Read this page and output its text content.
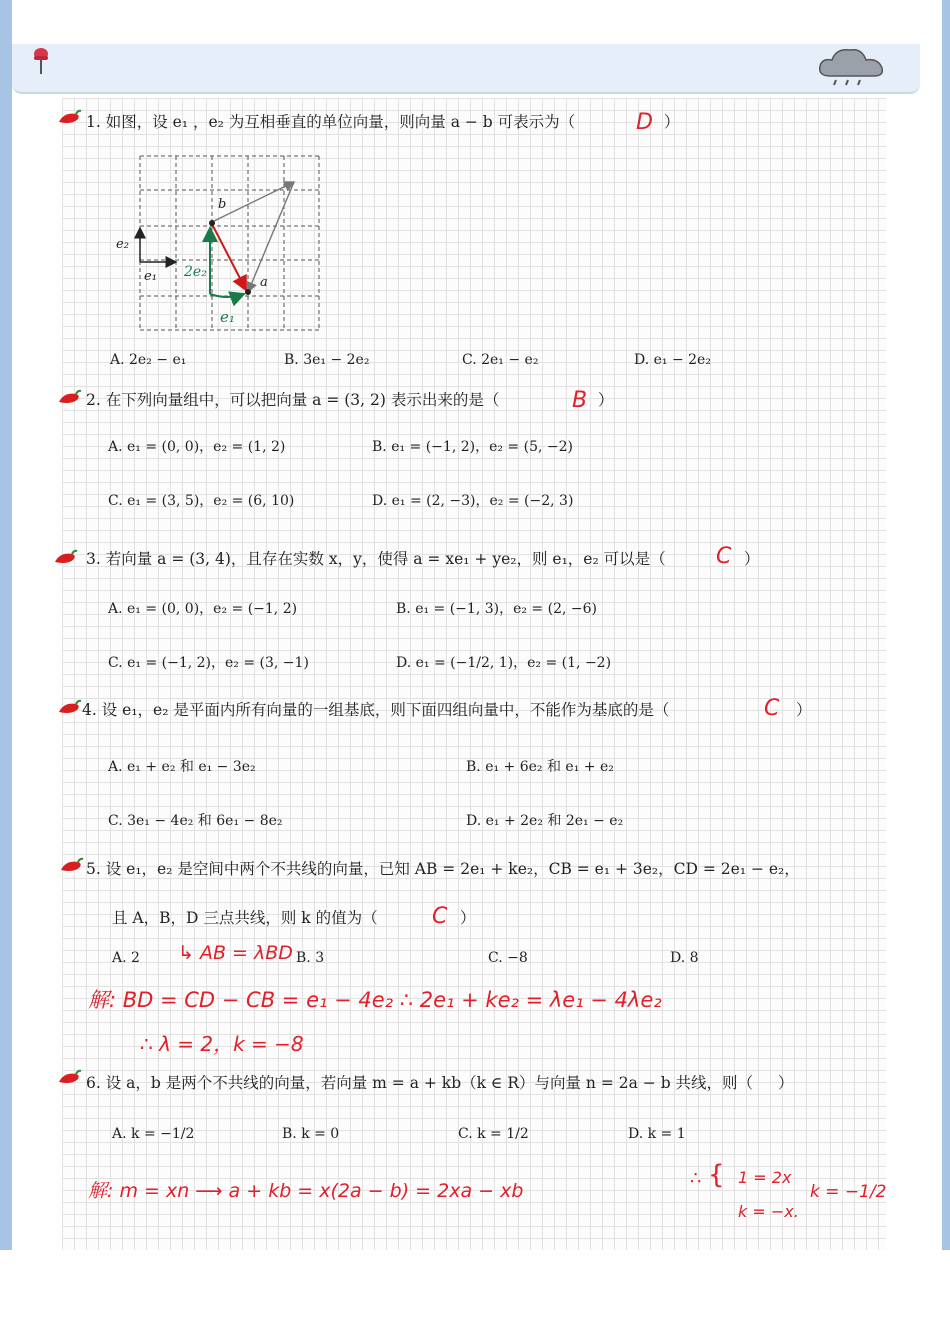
1. 如图，设 e₁ ，e₂ 为互相垂直的单位向量，则向量 a − b 可表示为（	D ）
e₂
e₁
b
a
2e₂
e₁
A. 2e₂ − e₁	B. 3e₁ − 2e₂	C. 2e₁ − e₂	D. e₁ − 2e₂
2. 在下列向量组中，可以把向量 a = (3, 2) 表示出来的是（	B ）
A. e₁ = (0, 0)，e₂ = (1, 2)	B. e₁ = (−1, 2)，e₂ = (5, −2)
C. e₁ = (3, 5)，e₂ = (6, 10)	D. e₁ = (2, −3)，e₂ = (−2, 3)
3. 若向量 a = (3, 4)，且存在实数 x，y，使得 a = xe₁ + ye₂，则 e₁，e₂ 可以是（ C ）
A. e₁ = (0, 0)，e₂ = (−1, 2)	B. e₁ = (−1, 3)，e₂ = (2, −6)
C. e₁ = (−1, 2)，e₂ = (3, −1)	D. e₁ = (−1/2, 1)，e₂ = (1, −2)
4. 设 e₁，e₂ 是平面内所有向量的一组基底，则下面四组向量中，不能作为基底的是（	C ）
A. e₁ + e₂ 和 e₁ − 3e₂	B. e₁ + 6e₂ 和 e₁ + e₂
C. 3e₁ − 4e₂ 和 6e₁ − 8e₂	D. e₁ + 2e₂ 和 2e₁ − e₂
5. 设 e₁，e₂ 是空间中两个不共线的向量，已知 AB = 2e₁ + ke₂，CB = e₁ + 3e₂，CD = 2e₁ − e₂，
且 A，B，D 三点共线，则 k 的值为（ C ）
A. 2	B. 3	C. −8	D. 8
↳ AB = λBD
解: BD = CD − CB = e₁ − 4e₂ ∴ 2e₁ + ke₂ = λe₁ − 4λe₂
∴ λ = 2，k = −8
6. 设 a，b 是两个不共线的向量，若向量 m = a + kb（k ∈ R）与向量 n = 2a − b 共线，则（ ）
A. k = −1/2	B. k = 0	C. k = 1/2	D. k = 1
解: m = xn ⟶ a + kb = x(2a − b) = 2xa − xb
∴ { 1 = 2x
k = −x.
k = −1/2
